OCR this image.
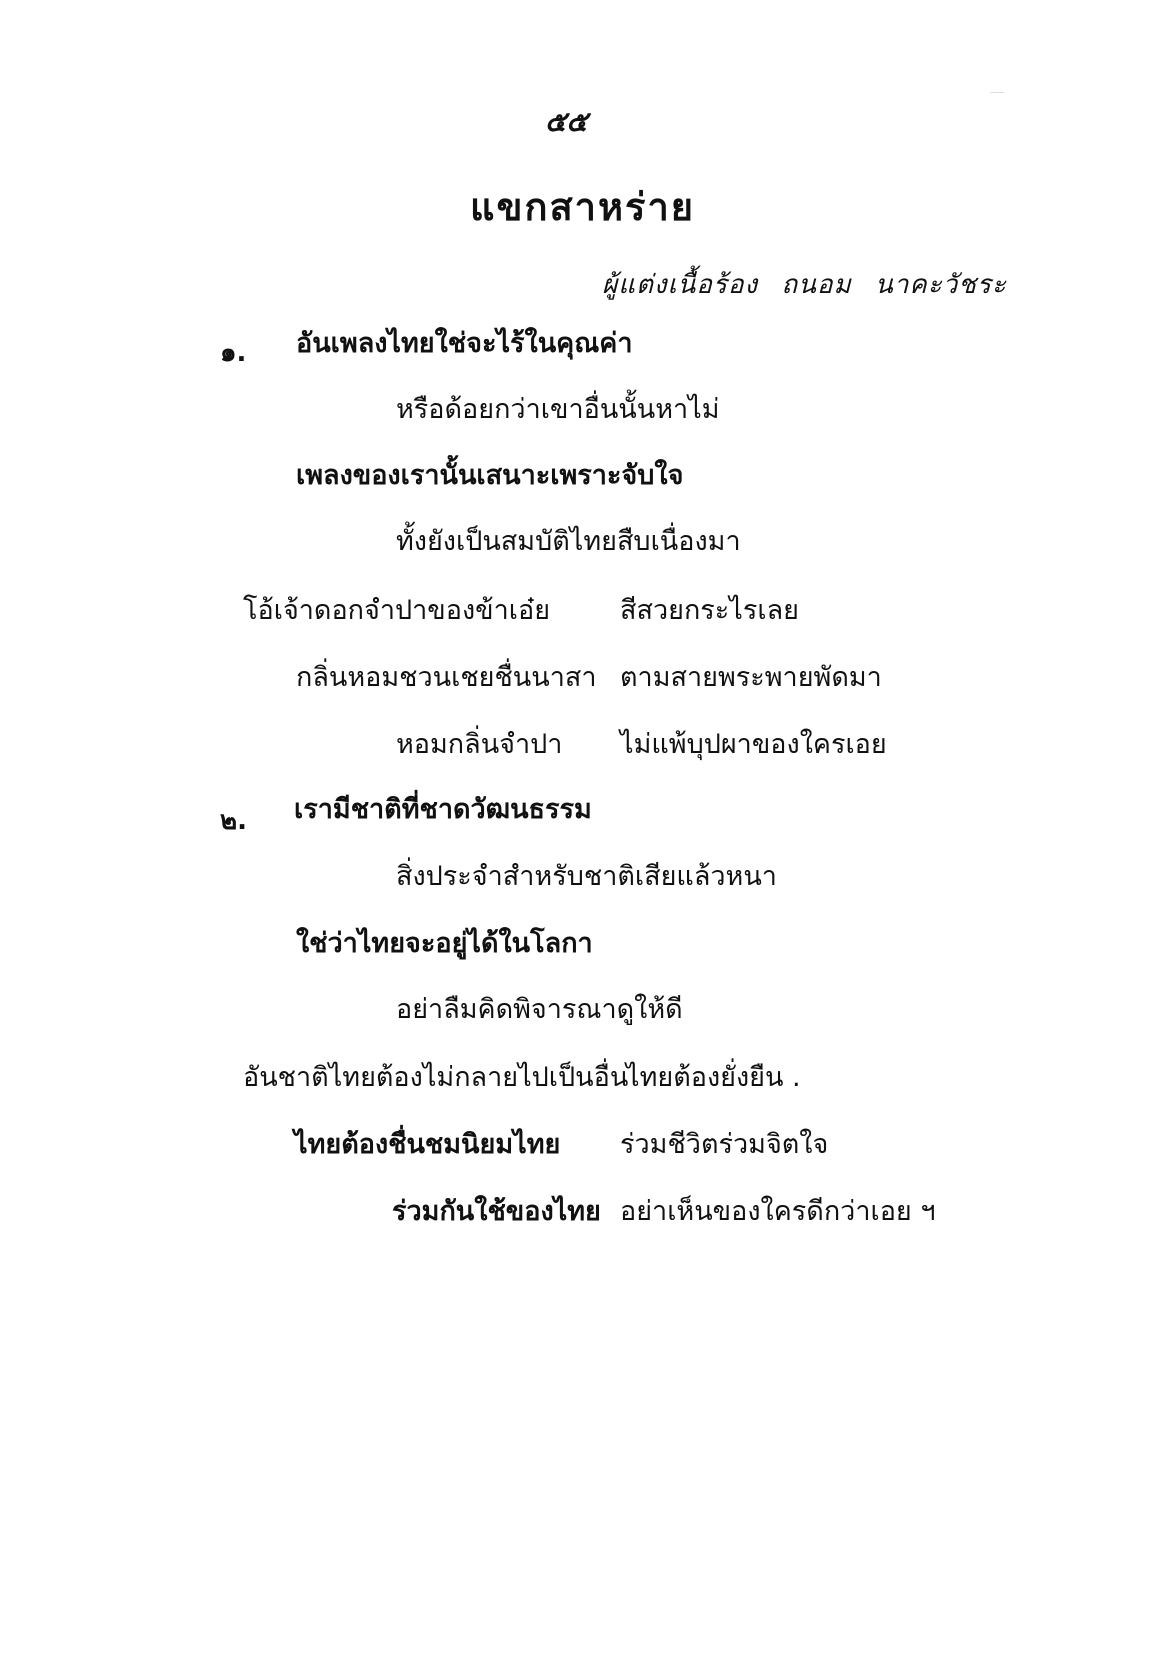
๕๕
แขกสาหร่าย
ผู้แต่งเนื้อร้อง ถนอม นาคะวัชระ
๑. อันเพลงไทยใช่จะไร้ในคุณค่า
หรือด้อยกว่าเขาอื่นนั้นหาไม่
เพลงของเรานั้นเสนาะเพราะจับใจ
ทั้งยังเป็นสมบัติไทยสืบเนื่องมา
โอ้เจ้าดอกจำปาของข้าเอ๋ย	สีสวยกระไรเลย
กลิ่นหอมชวนเชยชื่นนาสา ตามสายพระพายพัดมา
หอมกลิ่นจำปา ไม่แพ้บุปผาของใครเอย
๒. เรามีชาติที่ชาดวัฒนธรรม
สิ่งประจำสำหรับชาติเสียแล้วหนา
ใช่ว่าไทยจะอยู่ได้ในโลกา
อย่าลืมคิดพิจารณาดูให้ดี
อันชาติไทยต้องไม่กลายไปเป็นอื่น
ไทยต้องยั่งยืน .
ไทยต้องชื่นชมนิยมไทย ร่วมชีวิตร่วมจิตใจ
ร่วมกันใช้ของไทย อย่าเห็นของใครดีกว่าเอย ฯ
